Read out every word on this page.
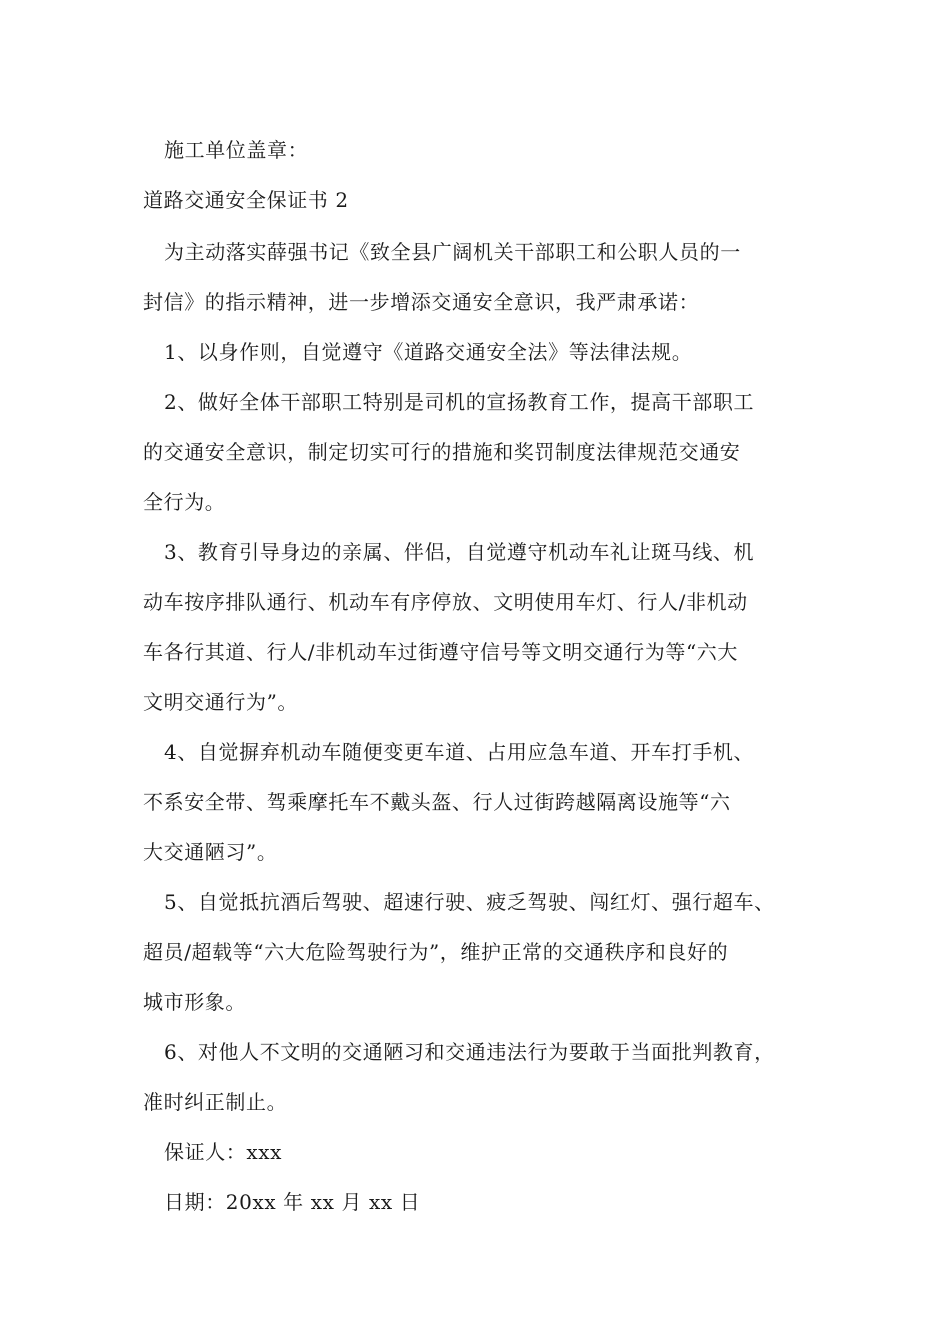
施工单位盖章：
道路交通安全保证书 2
为主动落实薛强书记《致全县广阔机关干部职工和公职人员的一
封信》的指示精神，进一步增添交通安全意识，我严肃承诺：
1、以身作则，自觉遵守《道路交通安全法》等法律法规。
2、做好全体干部职工特别是司机的宣扬教育工作，提高干部职工
的交通安全意识，制定切实可行的措施和奖罚制度法律规范交通安
全行为。
3、教育引导身边的亲属、伴侣，自觉遵守机动车礼让斑马线、机
动车按序排队通行、机动车有序停放、文明使用车灯、行人/非机动
车各行其道、行人/非机动车过街遵守信号等文明交通行为等“六大
文明交通行为”。
4、自觉摒弃机动车随便变更车道、占用应急车道、开车打手机、
不系安全带、驾乘摩托车不戴头盔、行人过街跨越隔离设施等“六
大交通陋习”。
5、自觉抵抗酒后驾驶、超速行驶、疲乏驾驶、闯红灯、强行超车、
超员/超载等“六大危险驾驶行为”，维护正常的交通秩序和良好的
城市形象。
6、对他人不文明的交通陋习和交通违法行为要敢于当面批判教育，
准时纠正制止。
保证人：xxx
日期：20xx 年 xx 月 xx 日
